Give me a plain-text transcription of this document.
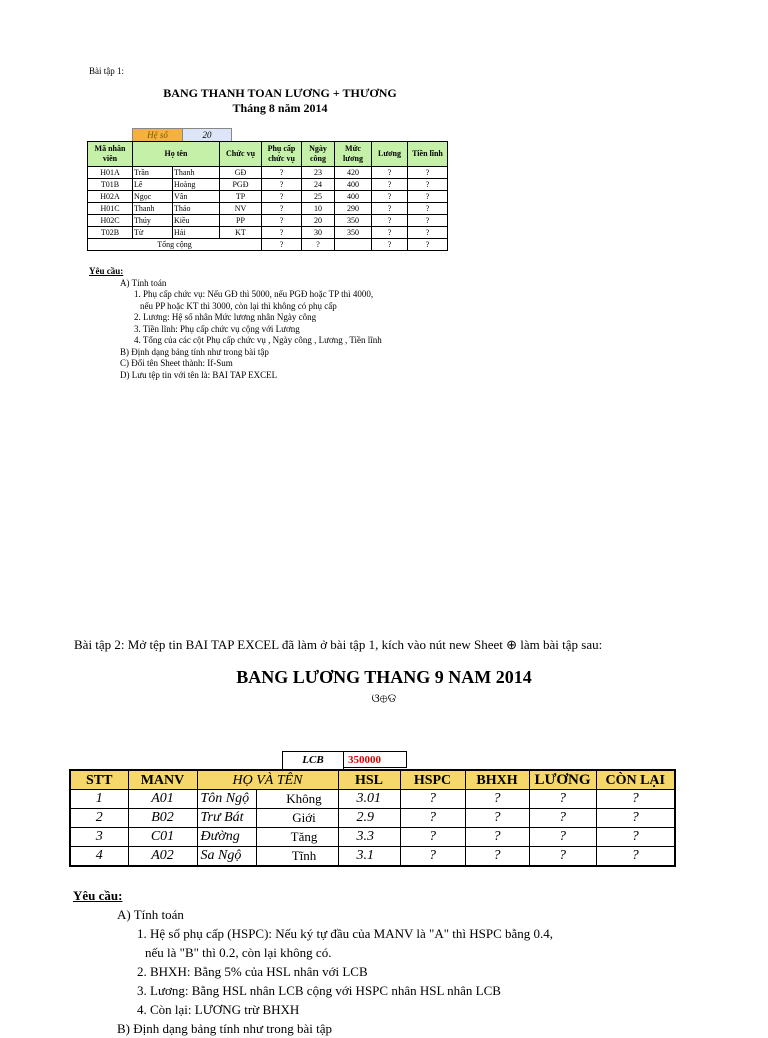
Bài tập 1:
BANG THANH TOAN LƯƠNG + THƯƠNG
Tháng 8 năm 2014
Hệ số	20
Mã nhân viên	Họ tên		Chức vụ	Phụ cấp chức vụ	Ngày công	Mức lương	Lương	Tiền lĩnh
H01A	Trần	Thanh	GĐ	?	23	420	?	?
T01B	Lê	Hoàng	PGĐ	?	24	400	?	?
H02A	Ngọc	Vân	TP	?	25	400	?	?
H01C	Thanh	Thảo	NV	?	10	290	?	?
H02C	Thúy	Kiều	PP	?	20	350	?	?
T02B	Từ	Hải	KT	?	30	350	?	?
Tổng cộng				?	?		?	?
Yêu cầu:
A) Tính toán
1. Phụ cấp chức vụ: Nếu GĐ thì 5000, nếu PGĐ hoặc TP thì 4000,
nếu PP hoặc KT thì 3000, còn lại thì không có phụ cấp
2. Lương: Hệ số nhân Mức lương nhân Ngày công
3. Tiền lĩnh: Phụ cấp chức vụ cộng với Lương
4. Tổng của các cột Phụ cấp chức vụ , Ngày công , Lương , Tiền lĩnh
B) Định dạng bảng tính như trong bài tập
C) Đổi tên Sheet thành: If-Sum
D) Lưu tệp tin với tên là: BAI TAP EXCEL
Bài tập 2: Mở tệp tin BAI TAP EXCEL đã làm ở bài tập 1, kích vào nút new Sheet ⊕ làm bài tập sau:
BANG LƯƠNG THANG 9 NAM 2014
ଓ⊕ଡ
LCB	350000
STT	MANV	HỌ VÀ TÊN		HSL	HSPC	BHXH	LƯƠNG	CÒN LẠI
1	A01	Tôn Ngộ	Không	3.01	?	?	?	?
2	B02	Trư Bát	Giới	2.9	?	?	?	?
3	C01	Đường	Tăng	3.3	?	?	?	?
4	A02	Sa Ngộ	Tĩnh	3.1	?	?	?	?
Yêu cầu:
A) Tính toán
1. Hệ số phụ cấp (HSPC): Nếu ký tự đầu của MANV là "A" thì HSPC bằng 0.4,
nếu là "B" thì 0.2, còn lại không có.
2. BHXH: Bằng 5% của HSL nhân với LCB
3. Lương: Bằng HSL nhân LCB cộng với HSPC nhân HSL nhân LCB
4. Còn lại: LƯƠNG trừ BHXH
B) Định dạng bảng tính như trong bài tập
